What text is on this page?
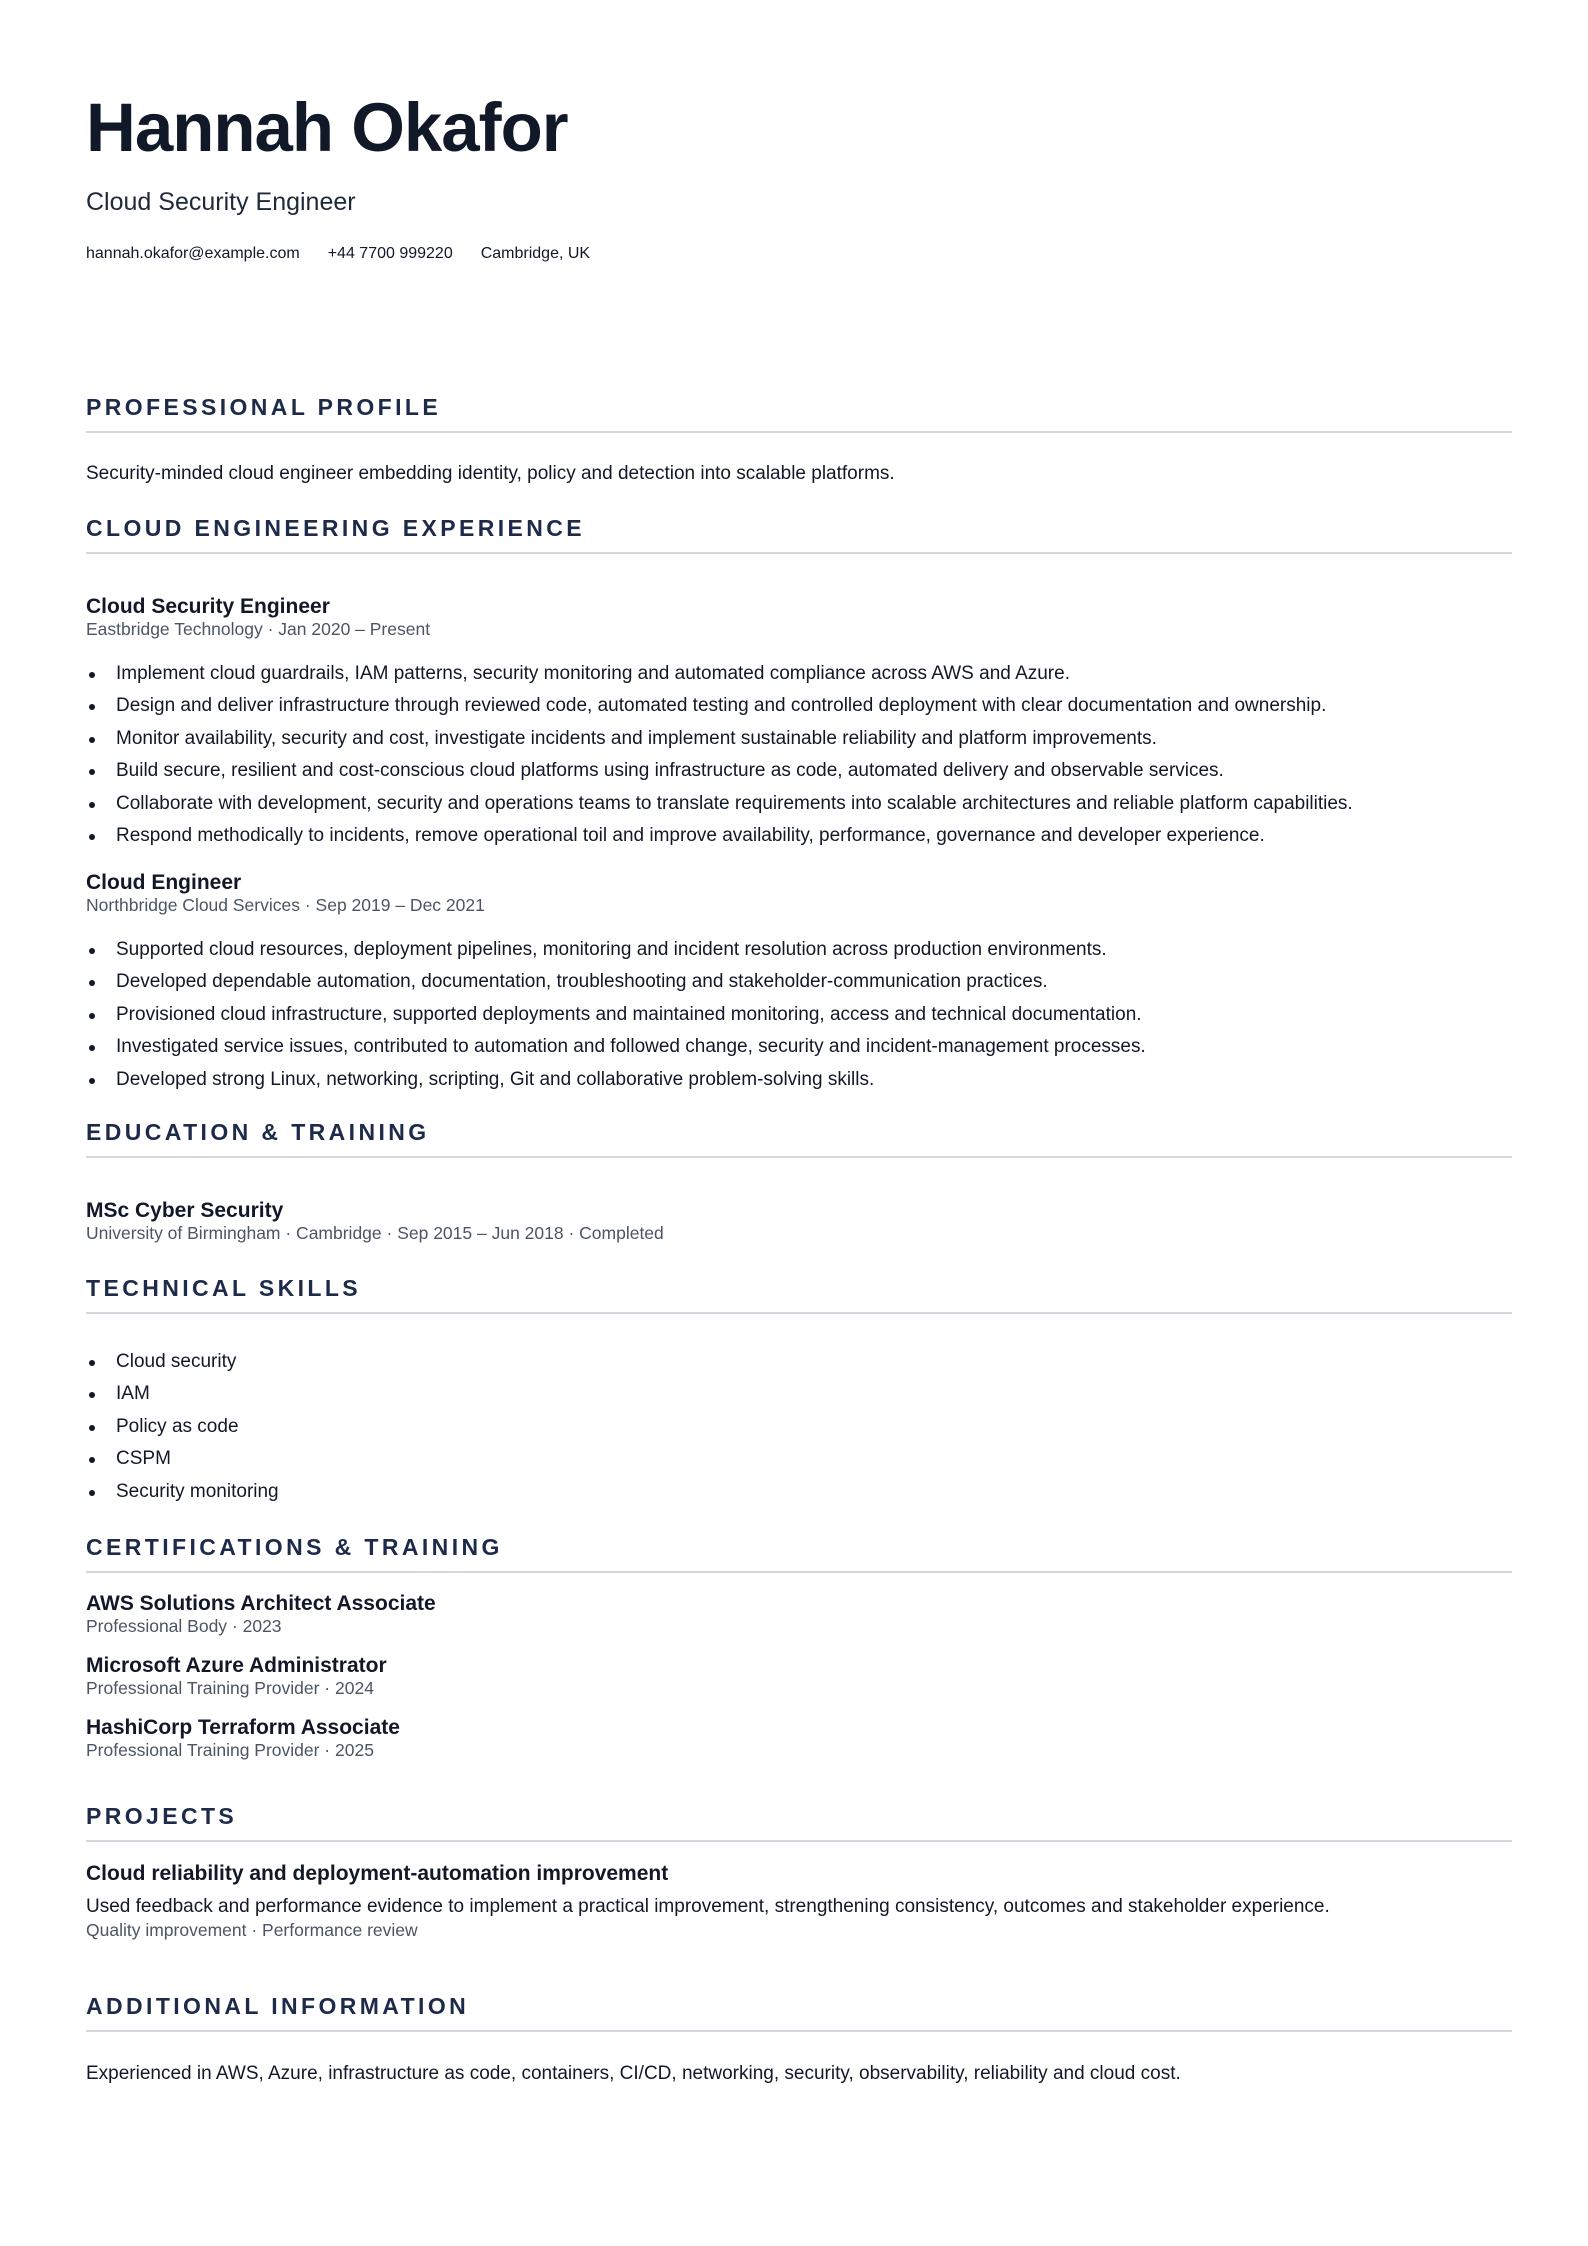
Hannah Okafor
Cloud Security Engineer
hannah.okafor@example.com +44 7700 999220 Cambridge, UK
PROFESSIONAL PROFILE
Security-minded cloud engineer embedding identity, policy and detection into scalable platforms.
CLOUD ENGINEERING EXPERIENCE
Cloud Security Engineer
Eastbridge Technology · Jan 2020 – Present
Implement cloud guardrails, IAM patterns, security monitoring and automated compliance across AWS and Azure.
Design and deliver infrastructure through reviewed code, automated testing and controlled deployment with clear documentation and ownership.
Monitor availability, security and cost, investigate incidents and implement sustainable reliability and platform improvements.
Build secure, resilient and cost-conscious cloud platforms using infrastructure as code, automated delivery and observable services.
Collaborate with development, security and operations teams to translate requirements into scalable architectures and reliable platform capabilities.
Respond methodically to incidents, remove operational toil and improve availability, performance, governance and developer experience.
Cloud Engineer
Northbridge Cloud Services · Sep 2019 – Dec 2021
Supported cloud resources, deployment pipelines, monitoring and incident resolution across production environments.
Developed dependable automation, documentation, troubleshooting and stakeholder-communication practices.
Provisioned cloud infrastructure, supported deployments and maintained monitoring, access and technical documentation.
Investigated service issues, contributed to automation and followed change, security and incident-management processes.
Developed strong Linux, networking, scripting, Git and collaborative problem-solving skills.
EDUCATION & TRAINING
MSc Cyber Security
University of Birmingham · Cambridge · Sep 2015 – Jun 2018 · Completed
TECHNICAL SKILLS
Cloud security
IAM
Policy as code
CSPM
Security monitoring
CERTIFICATIONS & TRAINING
AWS Solutions Architect Associate
Professional Body · 2023
Microsoft Azure Administrator
Professional Training Provider · 2024
HashiCorp Terraform Associate
Professional Training Provider · 2025
PROJECTS
Cloud reliability and deployment-automation improvement
Used feedback and performance evidence to implement a practical improvement, strengthening consistency, outcomes and stakeholder experience.
Quality improvement · Performance review
ADDITIONAL INFORMATION
Experienced in AWS, Azure, infrastructure as code, containers, CI/CD, networking, security, observability, reliability and cloud cost.
